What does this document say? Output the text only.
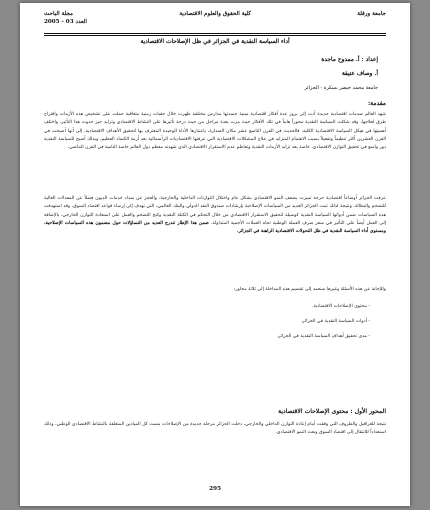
جامعة ورقلة
كلية الحقوق والعلوم الاقتصادية
مجلة الباحث
العدد 03 - 2005
أداء السياسة النقدية في الجزائر في ظل الإصلاحات الاقتصادية
إعداد : أ. ممدوح ماجدة
أ. وصاف عتيقة
جامعة محمد خيضر بسكرة - الجزائر
مقدمة:
شهد العالم صدمات اقتصادية جديدة أدت إلى بروز عدة أفكار اقتصادية مبنية جسدتها مدارس مختلفة ظهرت خلال حقبات زمنية متعاقبة حملت على تشخيص هذه الأزمات واقتراح طرق لعلاجها، وقد شكلت السياسة النقدية محوراً هاماً في تلك الأفكار حيث مرت بعدة مراحل من حيث درجة تأثيرها على النشاط الاقتصادي وتزايد حيز حدوث هذا التأثير، واختلف أهميتها في هيكل السياسة الاقتصادية الكلية، فالحديث في القرن التاسع عشر مكان الصدارة، باعتبارها الأداة الوحيدة المعترف بها لتحقيق الأهداف الاقتصادية، إلى أنها أصبحت في القرن العشرين أكثر تنظيماً وتفعيلاً بسبب الاهتمام المتزايد في علاج المشكلات الاقتصادية التي عرفتها الاقتصاديات الرأسمالية بعد أزمة الكساد العظيم، وبذلك أصبح للسياسة النقدية دور واسع في تحقيق التوازن الاقتصادي، خاصة بعد تزايد الأزمات النقدية وتعاظم عدم الاستقرار الاقتصادي الذي شهدته معظم دول العالم خاصة النامية في القرن الماضي.
عرفت الجزائر أوضاعاً اقتصادية حرجة تميزت بضعف النمو الاقتصادي بشكل عام واختلال التوازنات الداخلية والخارجية، والعجز عن سداد خدمات الديون فضلاً عن المعدلات العالية للتضخم والبطالة، ونتيجة لذلك تبنت الجزائر العديد من السياسات الإصلاحية بإرشادات صندوق النقد الدولي والبنك العالمي، التي تهدف إلى إرساء قواعد اقتصاد السوق، وقد استهدفت هذه السياسات ضمن أدواتها السياسة النقدية كوسيلة لتحقيق الاستقرار الاقتصادي من خلال التحكم في الكتلة النقدية وكبح التضخم والعمل على استعادة التوازن الخارجي، بالإضافة إلى العمل أيضاً على التأثير في سعر صرف العملة الوطنية تجاه العملات الأجنبية المتداولة. ضمن هذا الإطار تندرج العديد من التساؤلات حول مضمون هذه السياسات الإصلاحية، ومستوى أداء السياسة النقدية في ظل التحولات الاقتصادية الراهنة في الجزائر.
وللإجابة عن هذه الأسئلة وغيرها سنعمد إلى تقسيم هذه المداخلة إلى ثلاثة محاور:
- محتوى الإصلاحات الاقتصادية.
- أدوات السياسة النقدية في الجزائر.
- مدى تحقيق أهداف السياسة النقدية في الجزائر.
المحور الأول : محتوى الإصلاحات الاقتصادية
نتيجة للعراقيل والظروف التي وقفت أمام إعادة التوازن الداخلي والخارجي، دخلت الجزائر مرحلة جديدة من الإصلاحات مست كل الميادين المتعلقة بالنشاط الاقتصادي الوطني، وذلك استعداداً للانتقال إلى اقتصاد السوق وبعث النمو الاقتصادي.
295
